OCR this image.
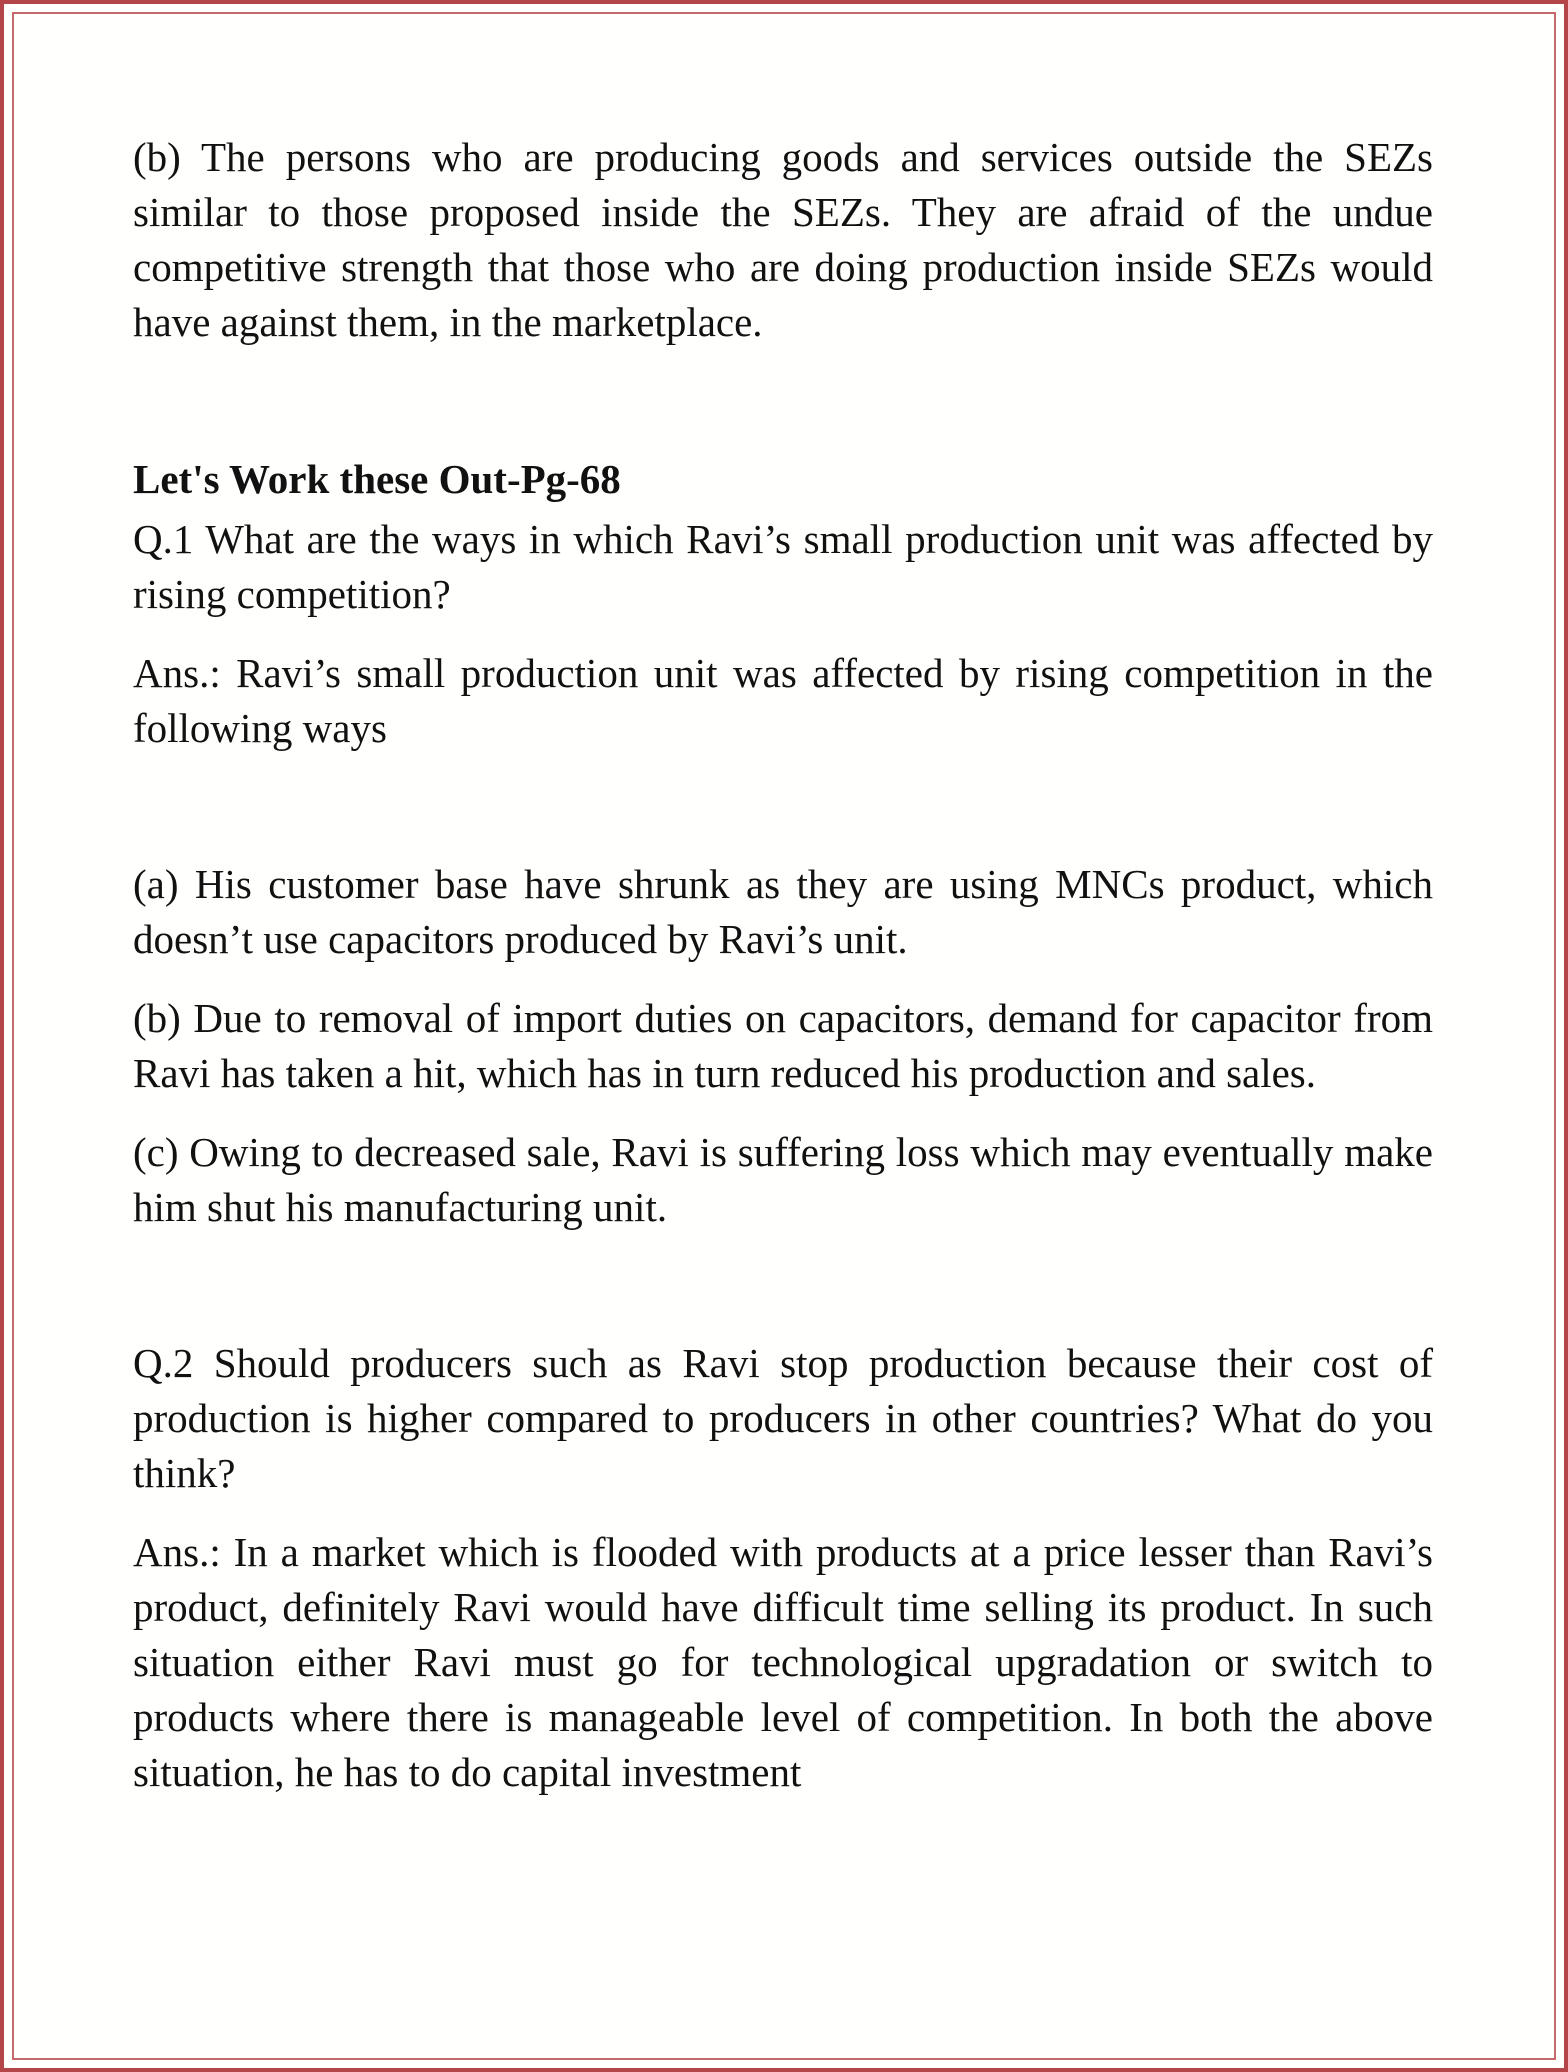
(b) The persons who are producing goods and services outside the SEZs similar to those proposed inside the SEZs. They are afraid of the undue competitive strength that those who are doing production inside SEZs would have against them, in the marketplace.

Let's Work these Out-Pg-68

Q.1 What are the ways in which Ravi’s small production unit was affected by rising competition?

Ans.: Ravi’s small production unit was affected by rising competition in the following ways

(a) His customer base have shrunk as they are using MNCs product, which doesn’t use capacitors produced by Ravi’s unit.

(b) Due to removal of import duties on capacitors, demand for capacitor from Ravi has taken a hit, which has in turn reduced his production and sales.

(c) Owing to decreased sale, Ravi is suffering loss which may eventually make him shut his manufacturing unit.

Q.2 Should producers such as Ravi stop production because their cost of production is higher compared to producers in other countries? What do you think?

Ans.: In a market which is flooded with products at a price lesser than Ravi’s product, definitely Ravi would have difficult time selling its product. In such situation either Ravi must go for technological upgradation or switch to products where there is manageable level of competition. In both the above situation, he has to do capital investment
